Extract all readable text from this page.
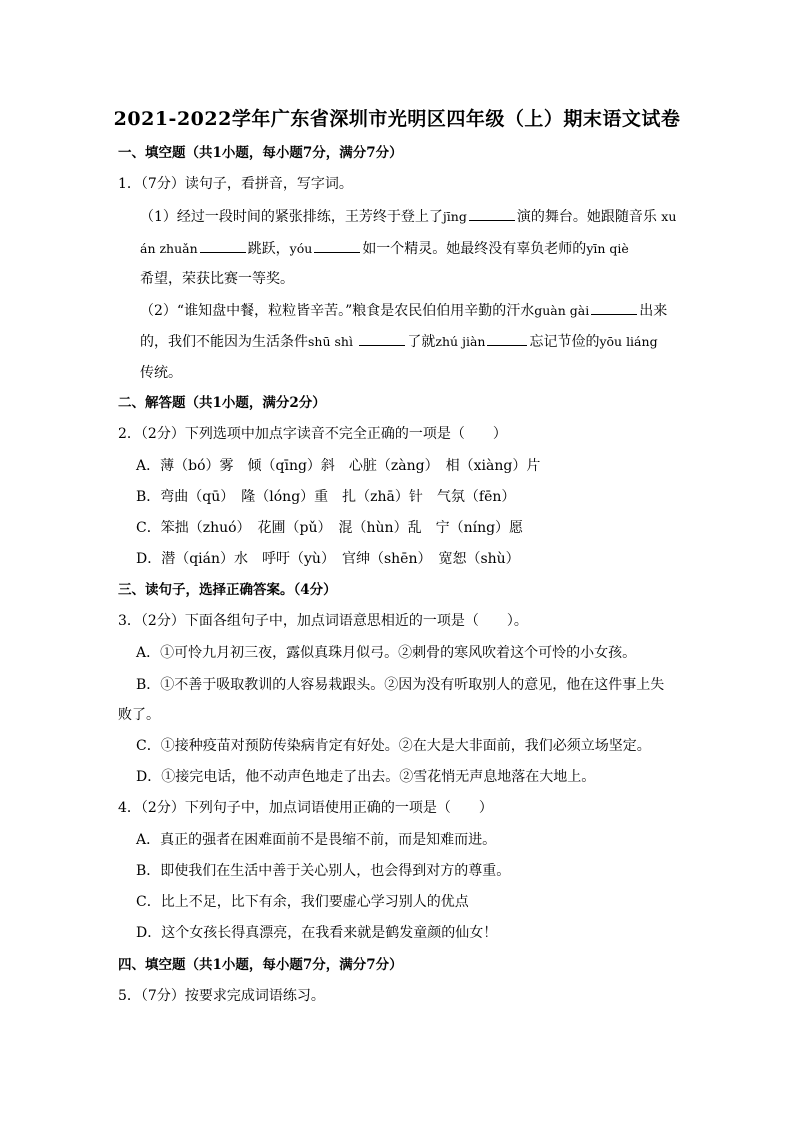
2021-2022学年广东省深圳市光明区四年级（上）期末语文试卷
一、填空题（共1小题，每小题7分，满分7分）
1．（7分）读句子，看拼音，写字词。
（1）经过一段时间的紧张排练，王芳终于登上了jīng	演的舞台。她跟随音乐 xu
án zhuǎn	跳跃，yóu	如一个精灵。她最终没有辜负老师的yīn qiè
希望，荣获比赛一等奖。
（2）“谁知盘中餐，粒粒皆辛苦。”粮食是农民伯伯用辛勤的汗水guàn gài	出来
的，我们不能因为生活条件shū shì	了就zhú jiàn	忘记节俭的yōu liáng
传统。
二、解答题（共1小题，满分2分）
2．（2分）下列选项中加点字读音不完全正确的一项是（　　）
A．薄（bó）雾　倾（qīng）斜　心脏（zàng）　相（xiàng）片
B．弯曲（qū）　隆（lóng）重　扎（zhā）针　气氛（fēn）
C．笨拙（zhuó）　花圃（pǔ）　混（hùn）乱　宁（níng）愿
D．潜（qián）水　呼吁（yù）　官绅（shēn）　宽恕（shù）
三、读句子，选择正确答案。（4分）
3．（2分）下面各组句子中，加点词语意思相近的一项是（　　）。
A．①可怜九月初三夜，露似真珠月似弓。②刺骨的寒风吹着这个可怜的小女孩。
B．①不善于吸取教训的人容易栽跟头。②因为没有听取别人的意见，他在这件事上失
败了。
C．①接种疫苗对预防传染病肯定有好处。②在大是大非面前，我们必须立场坚定。
D．①接完电话，他不动声色地走了出去。②雪花悄无声息地落在大地上。
4．（2分）下列句子中，加点词语使用正确的一项是（　　）
A．真正的强者在困难面前不是畏缩不前，而是知难而进。
B．即使我们在生活中善于关心别人，也会得到对方的尊重。
C．比上不足，比下有余，我们要虚心学习别人的优点
D．这个女孩长得真漂亮，在我看来就是鹤发童颜的仙女！
四、填空题（共1小题，每小题7分，满分7分）
5．（7分）按要求完成词语练习。
